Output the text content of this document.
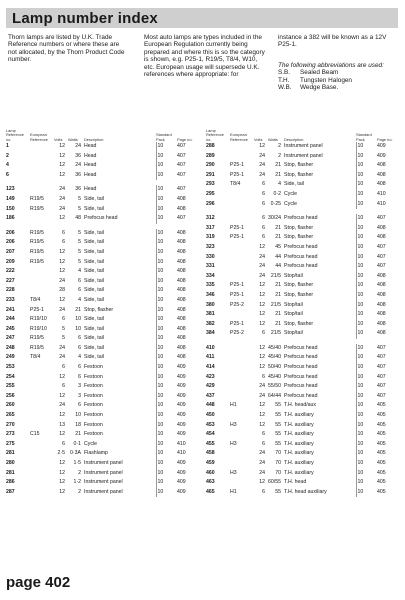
Lamp number index

Thorn lamps are listed by U.K. Trade Reference numbers or where these are not allocated, by the Thorn Product Code number.

Most auto lamps are types included in the European Regulation currently being prepared and where this is so the category is shown, e.g. P25-1, R19/5, T8/4, W10, etc. European usage will supersede U.K. references where appropriate: for

instance a 382 will be known as a 12V P25-1.

The following abbreviations are used:
S.B.	Sealed Beam
T.H.	Tungsten Halogen
W.B.	Wedge Base.
Lamp Reference no.	European Reference	Volts	Watts	Description	Standard Pack	Page no.
1		12	24	Head	10	407
2		12	36	Head	10	407
4		12	24	Head	10	407
6		12	36	Head	10	407

123		24	36	Head	10	407
149	R19/5	24	5	Side, tail	10	408
150	R19/5	24	5	Side, tail	10	408
186		12	48	Prefocus head	10	407

206	R19/5	6	5	Side, tail	10	408
206	R19/5	6	5	Side, tail	10	408
207	R19/5	12	5	Side, tail	10	408
209	R19/5	12	5	Side, tail	10	408
222		12	4	Side, tail	10	408
227		24	6	Side, tail	10	408
228		28	6	Side, tail	10	408
233	T8/4	12	4	Side, tail	10	408
241	P25-1	24	21	Stop, flasher	10	408
244	R19/10	6	10	Side, tail	10	408
245	R19/10	5	10	Side, tail	10	408
247	R19/5	5	6	Side, tail	10	408
248	R19/5	24	6	Side, tail	10	408
249	T8/4	24	4	Side, tail	10	408
253		6	6	Festoon	10	409
254		12	6	Festoon	10	409
255		6	3	Festoon	10	409
256		12	3	Festoon	10	409
260		24	6	Festoon	10	409
265		12	10	Festoon	10	409
270		13	18	Festoon	10	409
273	C15	12	21	Festoon	10	409
275		6	0·1	Cycle	10	410
281		2·5	0·3A	Flashlamp	10	410
280		12	1·5	Instrument panel	10	409
281		12	2	Instrument panel	10	409
286		12	1·2	Instrument panel	10	409
287		12	2	Instrument panel	10	409
Lamp Reference no.	European Reference	Volts	Watts	Description	Standard Pack	Page no.
288		12	2	Instrument panel	10	409
289		24	2	Instrument panel	10	409
290	P25-1	24	21	Stop, flasher	10	408
291	P25-1	24	21	Stop, flasher	10	408
293	T8/4	6	4	Side, tail	10	408
295		6	0·2	Cycle	10	410
296		6	0·25	Cycle	10	410

312		6	30/24	Prefocus head	10	407
317	P25-1	6	21	Stop, flasher	10	408
319	P25-1	6	21	Stop, flasher	10	408
323		12	45	Prefocus head	10	407
330		24	44	Prefocus head	10	407
331		24	44	Prefocus head	10	407
334		24	21/5	Stop/tail	10	408
335	P25-1	12	21	Stop, flasher	10	408
346	P25-1	12	21	Stop, flasher	10	408
380	P25-2	12	21/5	Stop/tail	10	408
381		12	21	Stop/tail	10	408
382	P25-1	12	21	Stop, flasher	10	408
384	P25-2	6	21/5	Stop/tail	10	408

410		12	45/40	Prefocus head	10	407
411		12	45/40	Prefocus head	10	407
414		12	50/40	Prefocus head	10	407
423		6	45/40	Prefocus head	10	407
429		24	55/50	Prefocus head	10	407
437		24	64/44	Prefocus head	10	407
448	H1	12	55	T.H. head/aux	10	405
450		12	55	T.H. auxiliary	10	405
453	H3	12	55	T.H. auxiliary	10	405
454		6	55	T.H. auxiliary	10	405
455	H3	6	55	T.H. auxiliary	10	405
458		24	70	T.H. auxiliary	10	405
459		24	70	T.H. auxiliary	10	405
460	H3	24	70	T.H. auxiliary	10	405
463		12	60/55	T.H. head	10	405
465	H1	6	55	T.H. head auxiliary	10	405
page 402
